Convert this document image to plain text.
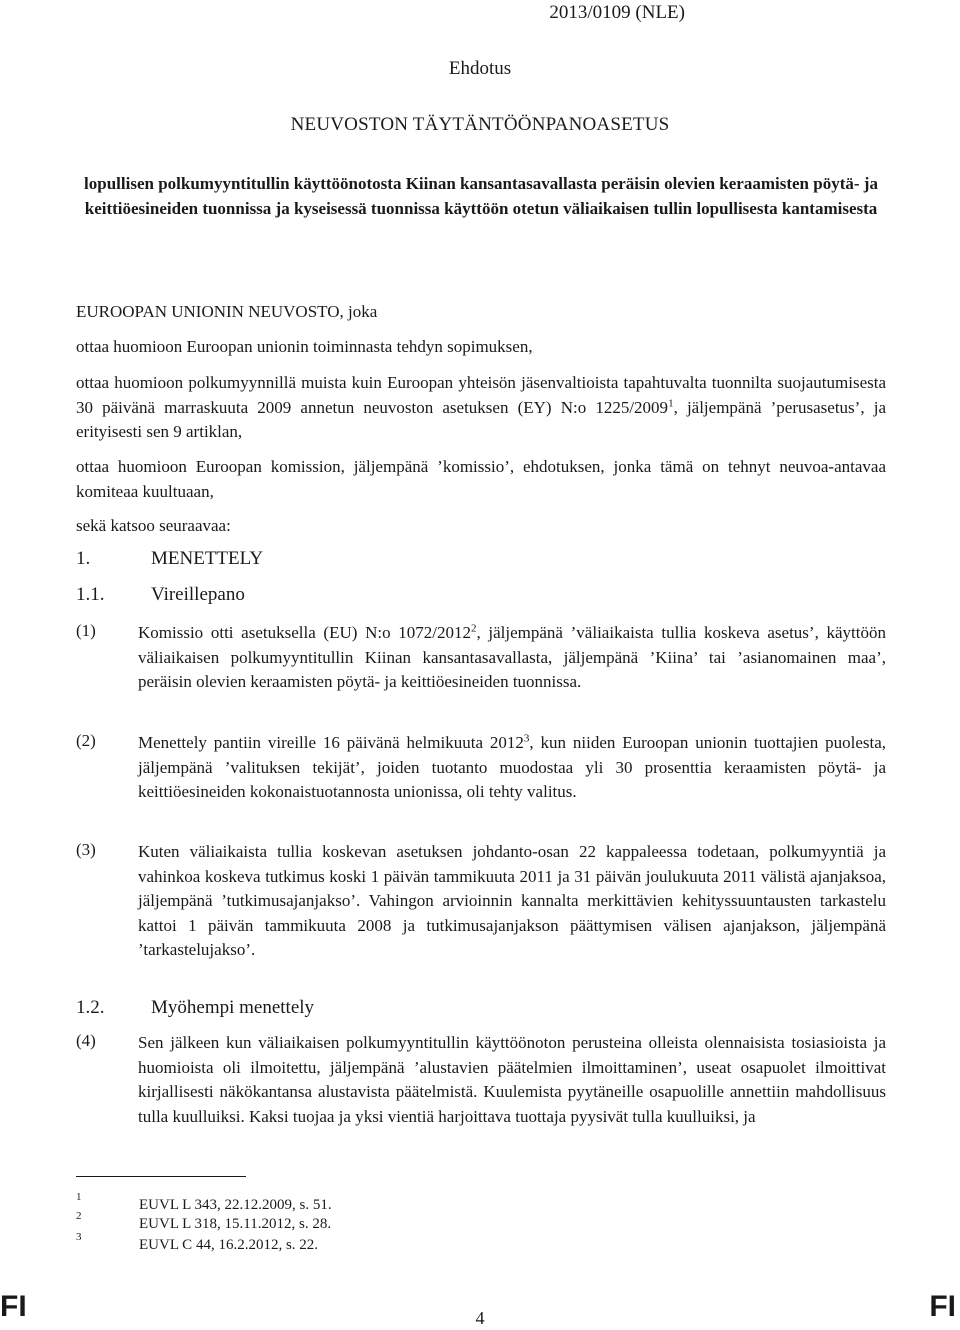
2013/0109 (NLE)
Ehdotus
NEUVOSTON TÄYTÄNTÖÖNPANOASETUS
lopullisen polkumyyntitullin käyttöönotosta Kiinan kansantasavallasta peräisin olevien keraamisten pöytä- ja keittiöesineiden tuonnissa ja kyseisessä tuonnissa käyttöön otetun väliaikaisen tullin lopullisesta kantamisesta
EUROOPAN UNIONIN NEUVOSTO, joka
ottaa huomioon Euroopan unionin toiminnasta tehdyn sopimuksen,
ottaa huomioon polkumyynnillä muista kuin Euroopan yhteisön jäsenvaltioista tapahtuvalta tuonnilta suojautumisesta 30 päivänä marraskuuta 2009 annetun neuvoston asetuksen (EY) N:o 1225/2009$^1$, jäljempänä ’perusasetus’, ja erityisesti sen 9 artiklan,
ottaa huomioon Euroopan komission, jäljempänä ’komissio’, ehdotuksen, jonka tämä on tehnyt neuvoa-antavaa komiteaa kuultuaan,
sekä katsoo seuraavaa:
1.	MENETTELY
1.1. Vireillepano
(1) Komissio otti asetuksella (EU) N:o 1072/2012$^2$, jäljempänä ’väliaikaista tullia koskeva asetus’, käyttöön väliaikaisen polkumyyntitullin Kiinan kansantasavallasta, jäljempänä ’Kiina’ tai ’asianomainen maa’, peräisin olevien keraamisten pöytä- ja keittiöesineiden tuonnissa.
(2) Menettely pantiin vireille 16 päivänä helmikuuta 2012$^3$, kun niiden Euroopan unionin tuottajien puolesta, jäljempänä ’valituksen tekijät’, joiden tuotanto muodostaa yli 30 prosenttia keraamisten pöytä- ja keittiöesineiden kokonaistuotannosta unionissa, oli tehty valitus.
(3) Kuten väliaikaista tullia koskevan asetuksen johdanto-osan 22 kappaleessa todetaan, polkumyyntiä ja vahinkoa koskeva tutkimus koski 1 päivän tammikuuta 2011 ja 31 päivän joulukuuta 2011 välistä ajanjaksoa, jäljempänä ’tutkimusajanjakso’. Vahingon arvioinnin kannalta merkittävien kehityssuuntausten tarkastelu kattoi 1 päivän tammikuuta 2008 ja tutkimusajanjakson päättymisen välisen ajanjakson, jäljempänä ’tarkastelujakso’.
1.2. Myöhempi menettely
(4) Sen jälkeen kun väliaikaisen polkumyyntitullin käyttöönoton perusteina olleista olennaisista tosiasioista ja huomioista oli ilmoitettu, jäljempänä ’alustavien päätelmien ilmoittaminen’, useat osapuolet ilmoittivat kirjallisesti näkökantansa alustavista päätelmistä. Kuulemista pyytäneille osapuolille annettiin mahdollisuus tulla kuulluiksi. Kaksi tuojaa ja yksi vientiä harjoittava tuottaja pyysivät tulla kuulluiksi, ja
1	EUVL L 343, 22.12.2009, s. 51.
2	EUVL L 318, 15.11.2012, s. 28.
3	EUVL C 44, 16.2.2012, s. 22.
FI	4	FI
